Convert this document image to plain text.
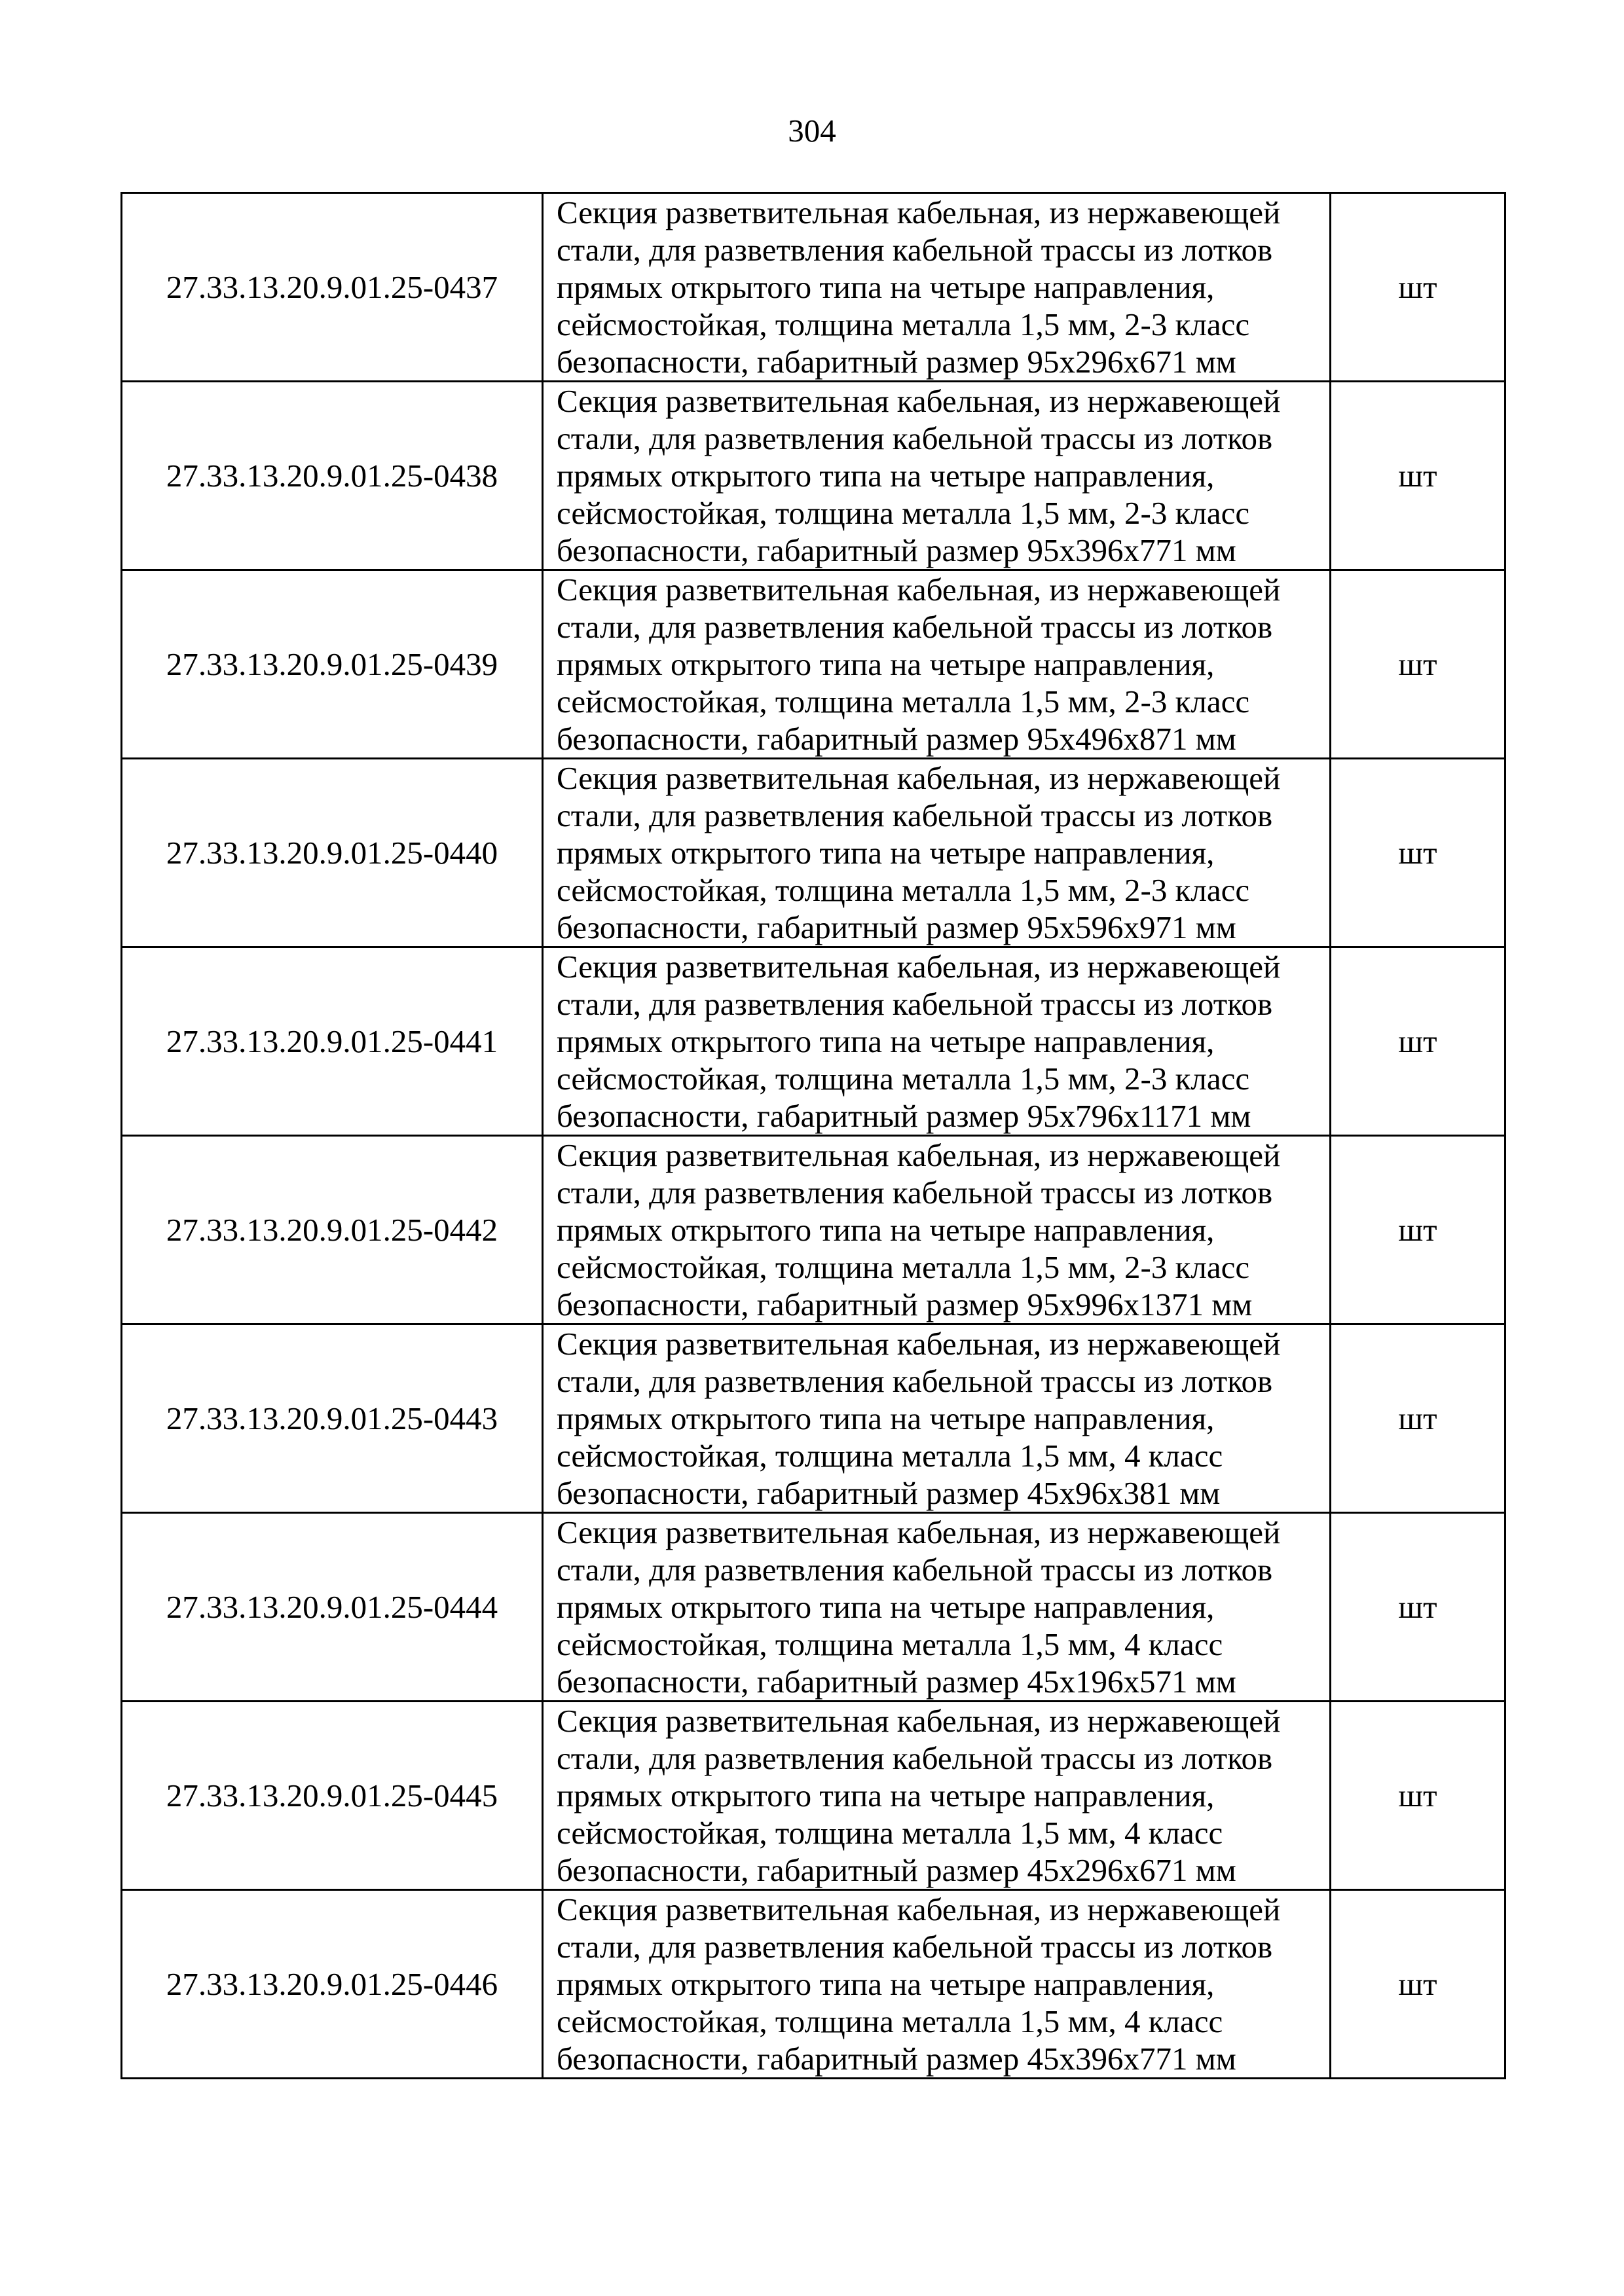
304
27.33.13.20.9.01.25-0437	Секция разветвительная кабельная, из нержавеющей стали, для разветвления кабельной трассы из лотков прямых открытого типа на четыре направления, сейсмостойкая, толщина металла 1,5 мм, 2-3 класс безопасности, габаритный размер 95х296х671 мм	шт
27.33.13.20.9.01.25-0438	Секция разветвительная кабельная, из нержавеющей стали, для разветвления кабельной трассы из лотков прямых открытого типа на четыре направления, сейсмостойкая, толщина металла 1,5 мм, 2-3 класс безопасности, габаритный размер 95х396х771 мм	шт
27.33.13.20.9.01.25-0439	Секция разветвительная кабельная, из нержавеющей стали, для разветвления кабельной трассы из лотков прямых открытого типа на четыре направления, сейсмостойкая, толщина металла 1,5 мм, 2-3 класс безопасности, габаритный размер 95х496х871 мм	шт
27.33.13.20.9.01.25-0440	Секция разветвительная кабельная, из нержавеющей стали, для разветвления кабельной трассы из лотков прямых открытого типа на четыре направления, сейсмостойкая, толщина металла 1,5 мм, 2-3 класс безопасности, габаритный размер 95х596х971 мм	шт
27.33.13.20.9.01.25-0441	Секция разветвительная кабельная, из нержавеющей стали, для разветвления кабельной трассы из лотков прямых открытого типа на четыре направления, сейсмостойкая, толщина металла 1,5 мм, 2-3 класс безопасности, габаритный размер 95х796х1171 мм	шт
27.33.13.20.9.01.25-0442	Секция разветвительная кабельная, из нержавеющей стали, для разветвления кабельной трассы из лотков прямых открытого типа на четыре направления, сейсмостойкая, толщина металла 1,5 мм, 2-3 класс безопасности, габаритный размер 95х996х1371 мм	шт
27.33.13.20.9.01.25-0443	Секция разветвительная кабельная, из нержавеющей стали, для разветвления кабельной трассы из лотков прямых открытого типа на четыре направления, сейсмостойкая, толщина металла 1,5 мм, 4 класс безопасности, габаритный размер 45х96х381 мм	шт
27.33.13.20.9.01.25-0444	Секция разветвительная кабельная, из нержавеющей стали, для разветвления кабельной трассы из лотков прямых открытого типа на четыре направления, сейсмостойкая, толщина металла 1,5 мм, 4 класс безопасности, габаритный размер 45х196х571 мм	шт
27.33.13.20.9.01.25-0445	Секция разветвительная кабельная, из нержавеющей стали, для разветвления кабельной трассы из лотков прямых открытого типа на четыре направления, сейсмостойкая, толщина металла 1,5 мм, 4 класс безопасности, габаритный размер 45х296х671 мм	шт
27.33.13.20.9.01.25-0446	Секция разветвительная кабельная, из нержавеющей стали, для разветвления кабельной трассы из лотков прямых открытого типа на четыре направления, сейсмостойкая, толщина металла 1,5 мм, 4 класс безопасности, габаритный размер 45х396х771 мм	шт
